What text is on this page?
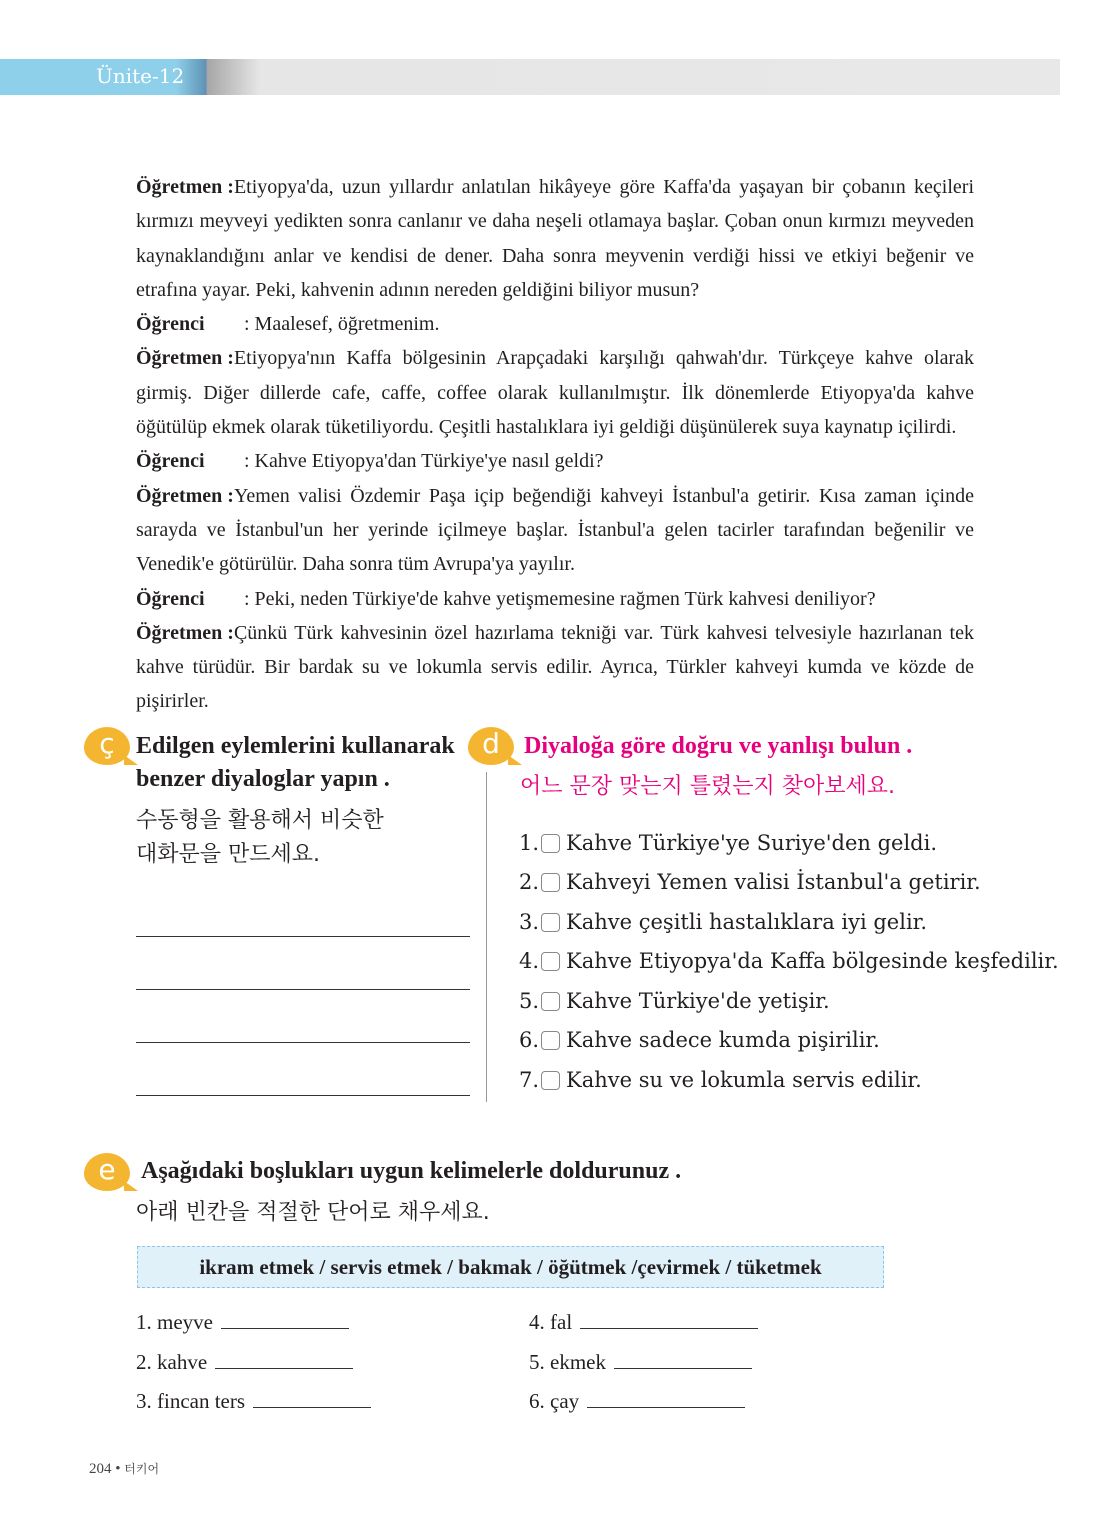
Ünite-12
Öğretmen :Etiyopya'da, uzun yıllardır anlatılan hikâyeye göre Kaffa'da yaşayan bir çobanın keçileri kırmızı meyveyi yedikten sonra canlanır ve daha neşeli otlamaya başlar. Çoban onun kırmızı meyveden kaynaklandığını anlar ve kendisi de dener. Daha sonra meyvenin verdiği hissi ve etkiyi beğenir ve etrafına yayar. Peki, kahvenin adının nereden geldiğini biliyor musun?
Öğrenci : Maalesef, öğretmenim.
Öğretmen :Etiyopya'nın Kaffa bölgesinin Arapçadaki karşılığı qahwah'dır. Türkçeye kahve olarak girmiş. Diğer dillerde cafe, caffe, coffee olarak kullanılmıştır. İlk dönemlerde Etiyopya'da kahve öğütülüp ekmek olarak tüketiliyordu. Çeşitli hastalıklara iyi geldiği düşünülerek suya kaynatıp içilirdi.
Öğrenci : Kahve Etiyopya'dan Türkiye'ye nasıl geldi?
Öğretmen :Yemen valisi Özdemir Paşa içip beğendiği kahveyi İstanbul'a getirir. Kısa zaman içinde sarayda ve İstanbul'un her yerinde içilmeye başlar. İstanbul'a gelen tacirler tarafından beğenilir ve Venedik'e götürülür. Daha sonra tüm Avrupa'ya yayılır.
Öğrenci : Peki, neden Türkiye'de kahve yetişmemesine rağmen Türk kahvesi deniliyor?
Öğretmen :Çünkü Türk kahvesinin özel hazırlama tekniği var. Türk kahvesi telvesiyle hazırlanan tek kahve türüdür. Bir bardak su ve lokumla servis edilir. Ayrıca, Türkler kahveyi kumda ve közde de pişirirler.
ç Edilgen eylemlerini kullanarak
benzer diyaloglar yapın .
수동형을 활용해서 비슷한
대화문을 만드세요.
d	Diyaloğa göre doğru ve yanlışı bulun .
어느 문장 맞는지 틀렸는지 찾아보세요.
1. Kahve Türkiye'ye Suriye'den geldi.
2. Kahveyi Yemen valisi İstanbul'a getirir.
3. Kahve çeşitli hastalıklara iyi gelir.
4. Kahve Etiyopya'da Kaffa bölgesinde keşfedilir.
5. Kahve Türkiye'de yetişir.
6. Kahve sadece kumda pişirilir.
7. Kahve su ve lokumla servis edilir.
e	Aşağıdaki boşlukları uygun kelimelerle doldurunuz .
아래 빈칸을 적절한 단어로 채우세요.
ikram etmek / servis etmek / bakmak / öğütmek /çevirmek / tüketmek
1. meyve
2. kahve
3. fincan ters
4. fal
5. ekmek
6. çay
204 • 터키어
